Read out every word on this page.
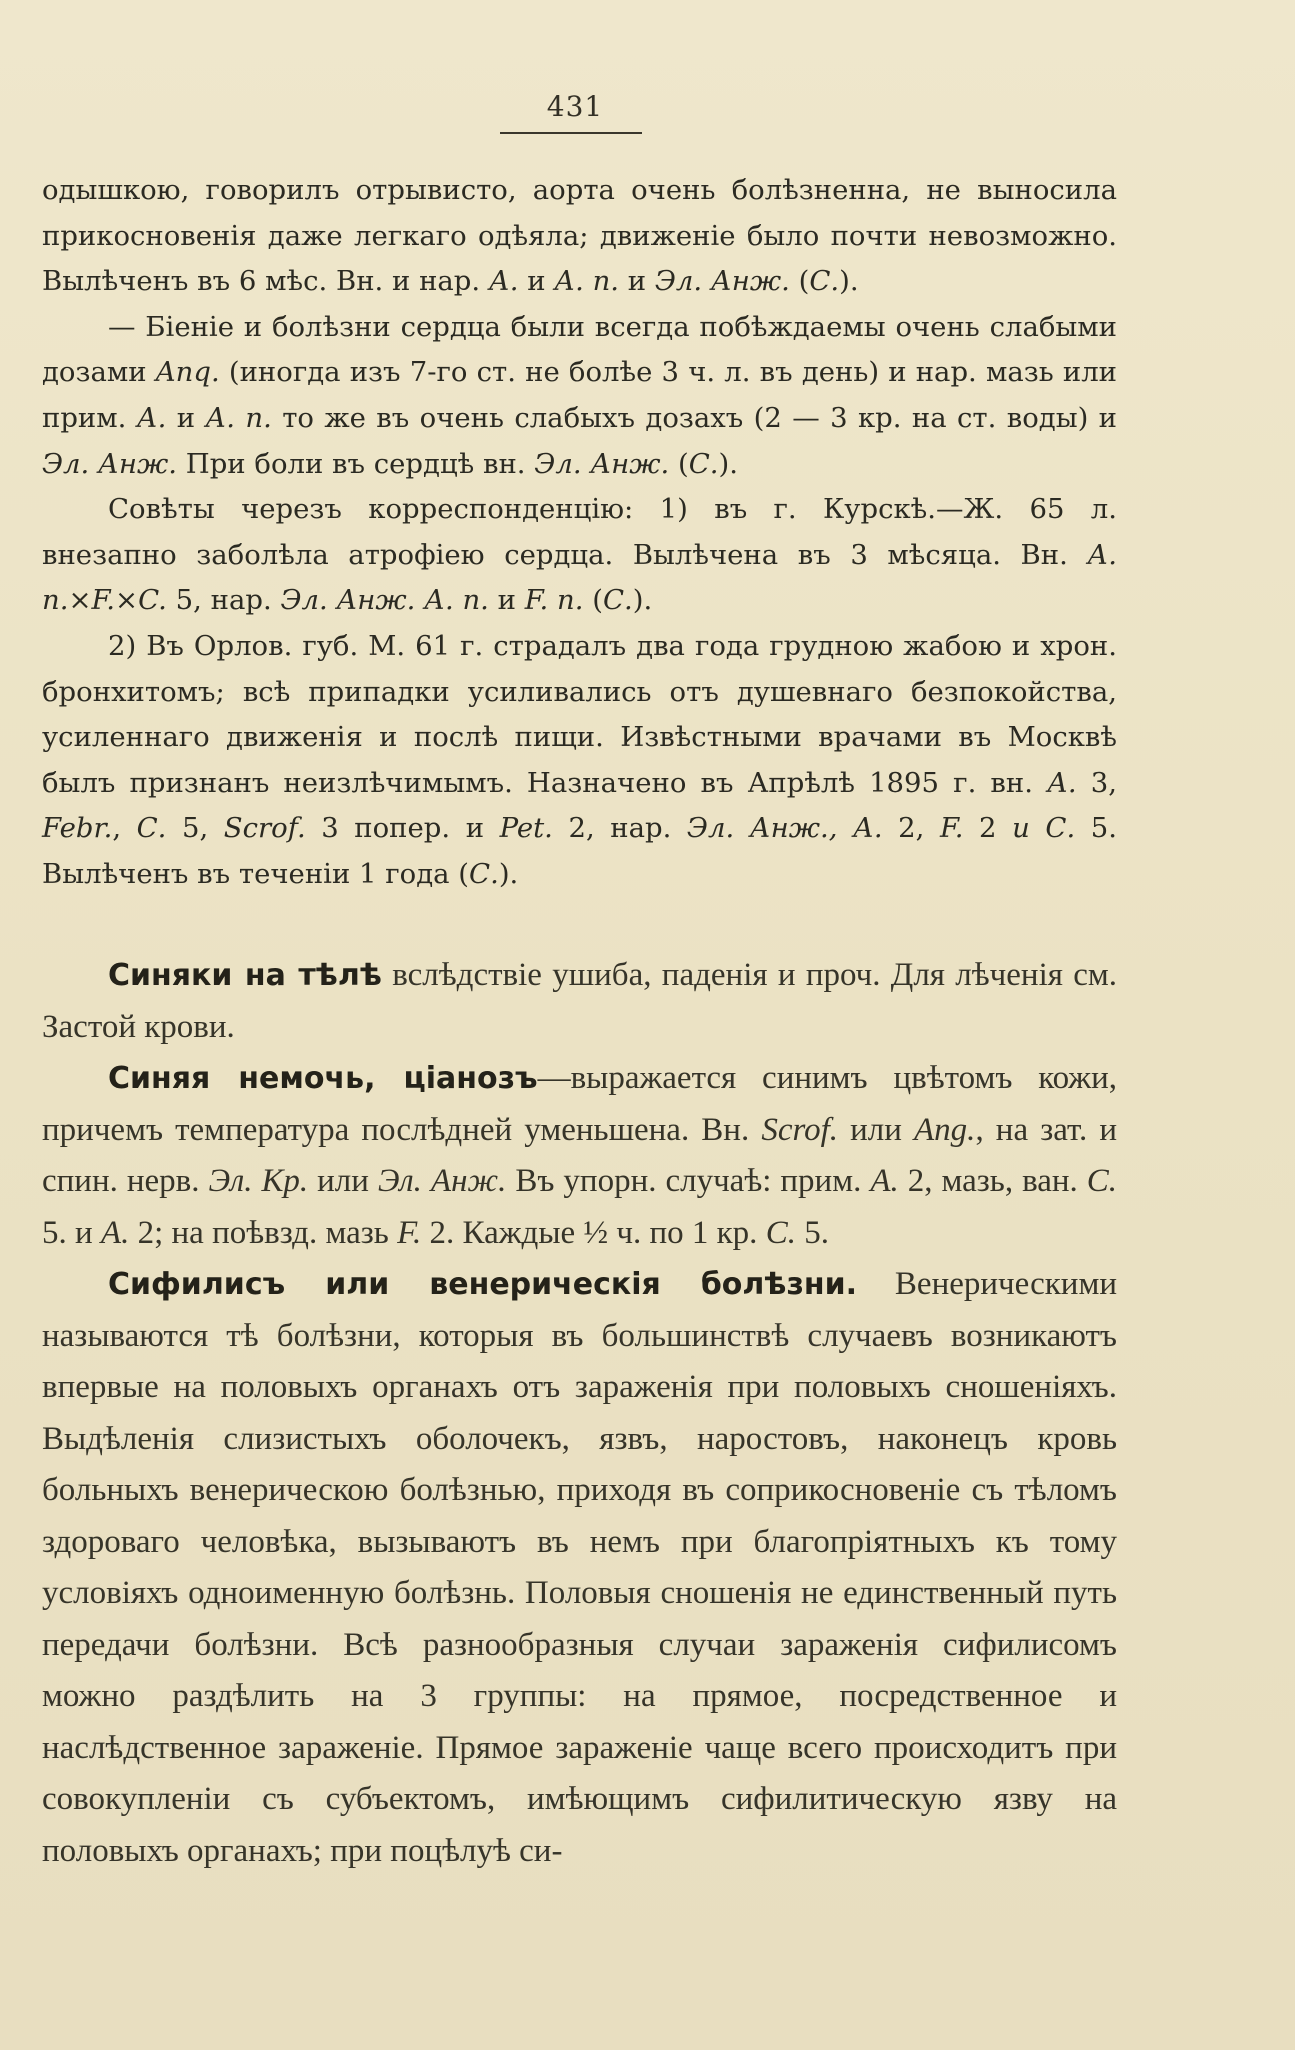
431

одышкою, говорилъ отрывисто, аорта очень болѣзненна, не выносила прикосновенія даже легкаго одѣяла; движеніе было почти невозможно. Вылѣченъ въ 6 мѣс. Вн. и нар. А. и А. п. и Эл. Анж. (С.).

— Біеніе и болѣзни сердца были всегда побѣждаемы очень слабыми дозами Anq. (иногда изъ 7-го ст. не болѣе 3 ч. л. въ день) и нар. мазь или прим. А. и А. п. то же въ очень слабыхъ дозахъ (2 — 3 кр. на ст. воды) и Эл. Анж. При боли въ сердцѣ вн. Эл. Анж. (С.).

Совѣты черезъ корреспонденцію: 1) въ г. Курскѣ.—Ж. 65 л. внезапно заболѣла атрофіею сердца. Вылѣчена въ 3 мѣсяца. Вн. А. п.×F.×C. 5, нар. Эл. Анж. А. п. и F. п. (С.).

2) Въ Орлов. губ. М. 61 г. страдалъ два года грудною жабою и хрон. бронхитомъ; всѣ припадки усиливались отъ душевнаго безпокойства, усиленнаго движенія и послѣ пищи. Извѣстными врачами въ Москвѣ былъ признанъ неизлѣчимымъ. Назначено въ Апрѣлѣ 1895 г. вн. А. 3, Febr., С. 5, Scrof. 3 попер. и Pet. 2, нар. Эл. Анж., А. 2, F. 2 и С. 5. Вылѣченъ въ теченіи 1 года (С.).

Синяки на тѣлѣ вслѣдствіе ушиба, паденія и проч. Для лѣченія см. Застой крови.

Синяя немочь, ціанозъ—выражается синимъ цвѣтомъ кожи, причемъ температура послѣдней уменьшена. Вн. Scrof. или Ang., на зат. и спин. нерв. Эл. Кр. или Эл. Анж. Въ упорн. случаѣ: прим. А. 2, мазь, ван. С. 5. и А. 2; на поѣвзд. мазь F. 2. Каждые ½ ч. по 1 кр. С. 5.

Сифилисъ или венерическія болѣзни. Венерическими называются тѣ болѣзни, которыя въ большинствѣ случаевъ возникаютъ впервые на половыхъ органахъ отъ зараженія при половыхъ сношеніяхъ. Выдѣленія слизистыхъ оболочекъ, язвъ, наростовъ, наконецъ кровь больныхъ венерическою болѣзнью, приходя въ соприкосновеніе съ тѣломъ здороваго человѣка, вызываютъ въ немъ при благопріятныхъ къ тому условіяхъ одноименную болѣзнь. Половыя сношенія не единственный путь передачи болѣзни. Всѣ разнообразныя случаи зараженія сифилисомъ можно раздѣлить на 3 группы: на прямое, посредственное и наслѣдственное зараженіе. Прямое зараженіе чаще всего происходитъ при совокупленіи съ субъектомъ, имѣющимъ сифилитическую язву на половыхъ органахъ; при поцѣлуѣ си-
